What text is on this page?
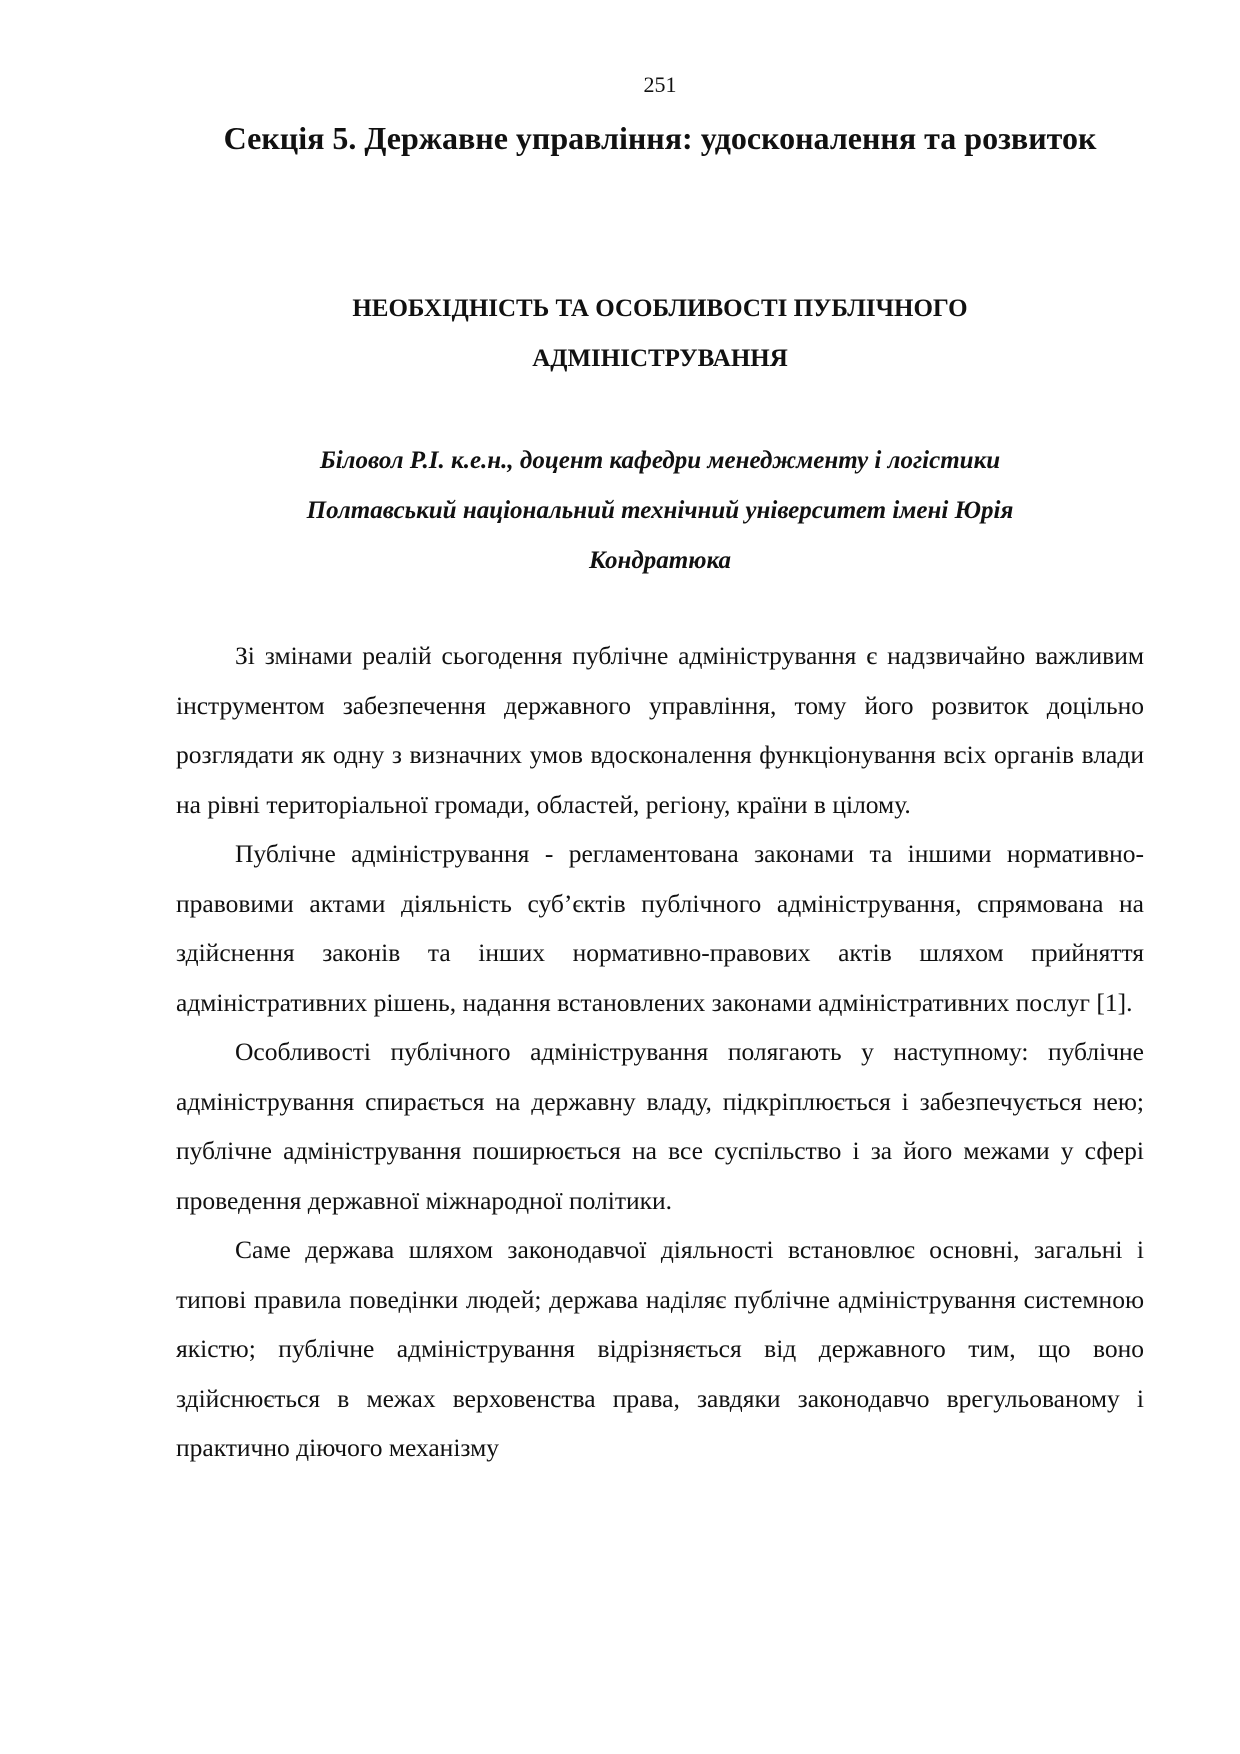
251
Секція 5. Державне управління: удосконалення та розвиток
НЕОБХІДНІСТЬ ТА ОСОБЛИВОСТІ ПУБЛІЧНОГО
АДМІНІСТРУВАННЯ
Біловол Р.І. к.е.н., доцент кафедри менеджменту і логістики
Полтавський національний технічний університет імені Юрія
Кондратюка

Зі змінами реалій сьогодення публічне адміністрування є надзвичайно важливим інструментом забезпечення державного управління, тому його розвиток доцільно розглядати як одну з визначних умов вдосконалення функціонування всіх органів влади на рівні територіальної громади, областей, регіону, країни в цілому.

Публічне адміністрування - регламентована законами та іншими нормативно-правовими актами діяльність суб’єктів публічного адміністрування, спрямована на здійснення законів та інших нормативно-правових актів шляхом прийняття адміністративних рішень, надання встановлених законами адміністративних послуг [1].

Особливості публічного адміністрування полягають у наступному: публічне адміністрування спирається на державну владу, підкріплюється і забезпечується нею; публічне адміністрування поширюється на все суспільство і за його межами у сфері проведення державної міжнародної політики.

Саме держава шляхом законодавчої діяльності встановлює основні, загальні і типові правила поведінки людей; держава наділяє публічне адміністрування системною якістю; публічне адміністрування відрізняється від державного тим, що воно здійснюється в межах верховенства права, завдяки законодавчо врегульованому і практично діючого механізму
